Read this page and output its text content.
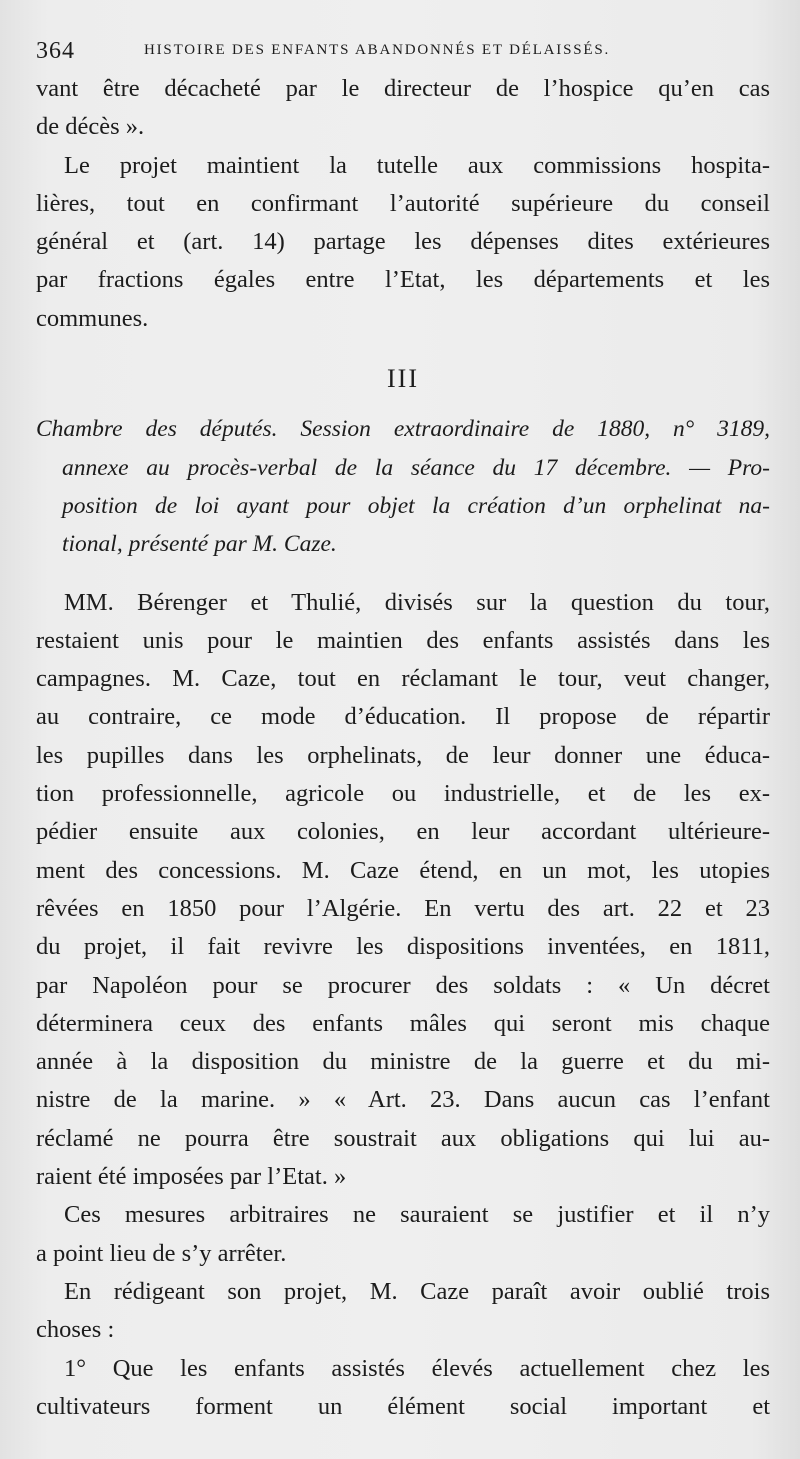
364	HISTOIRE DES ENFANTS ABANDONNÉS ET DÉLAISSÉS.
vant être décacheté par le directeur de l’hospice qu’en cas
de décès ».
Le projet maintient la tutelle aux commissions hospita-
lières, tout en confirmant l’autorité supérieure du conseil
général et (art. 14) partage les dépenses dites extérieures
par fractions égales entre l’Etat, les départements et les
communes.
III
Chambre des députés. Session extraordinaire de 1880, n° 3189,
annexe au procès-verbal de la séance du 17 décembre. — Pro-
position de loi ayant pour objet la création d’un orphelinat na-
tional, présenté par M. Caze.
MM. Bérenger et Thulié, divisés sur la question du tour,
restaient unis pour le maintien des enfants assistés dans les
campagnes. M. Caze, tout en réclamant le tour, veut changer,
au contraire, ce mode d’éducation. Il propose de répartir
les pupilles dans les orphelinats, de leur donner une éduca-
tion professionnelle, agricole ou industrielle, et de les ex-
pédier ensuite aux colonies, en leur accordant ultérieure-
ment des concessions. M. Caze étend, en un mot, les utopies
rêvées en 1850 pour l’Algérie. En vertu des art. 22 et 23
du projet, il fait revivre les dispositions inventées, en 1811,
par Napoléon pour se procurer des soldats : « Un décret
déterminera ceux des enfants mâles qui seront mis chaque
année à la disposition du ministre de la guerre et du mi-
nistre de la marine. » « Art. 23. Dans aucun cas l’enfant
réclamé ne pourra être soustrait aux obligations qui lui au-
raient été imposées par l’Etat. »
Ces mesures arbitraires ne sauraient se justifier et il n’y
a point lieu de s’y arrêter.
En rédigeant son projet, M. Caze paraît avoir oublié trois
choses :
1° Que les enfants assistés élevés actuellement chez les
cultivateurs forment un élément social important et
